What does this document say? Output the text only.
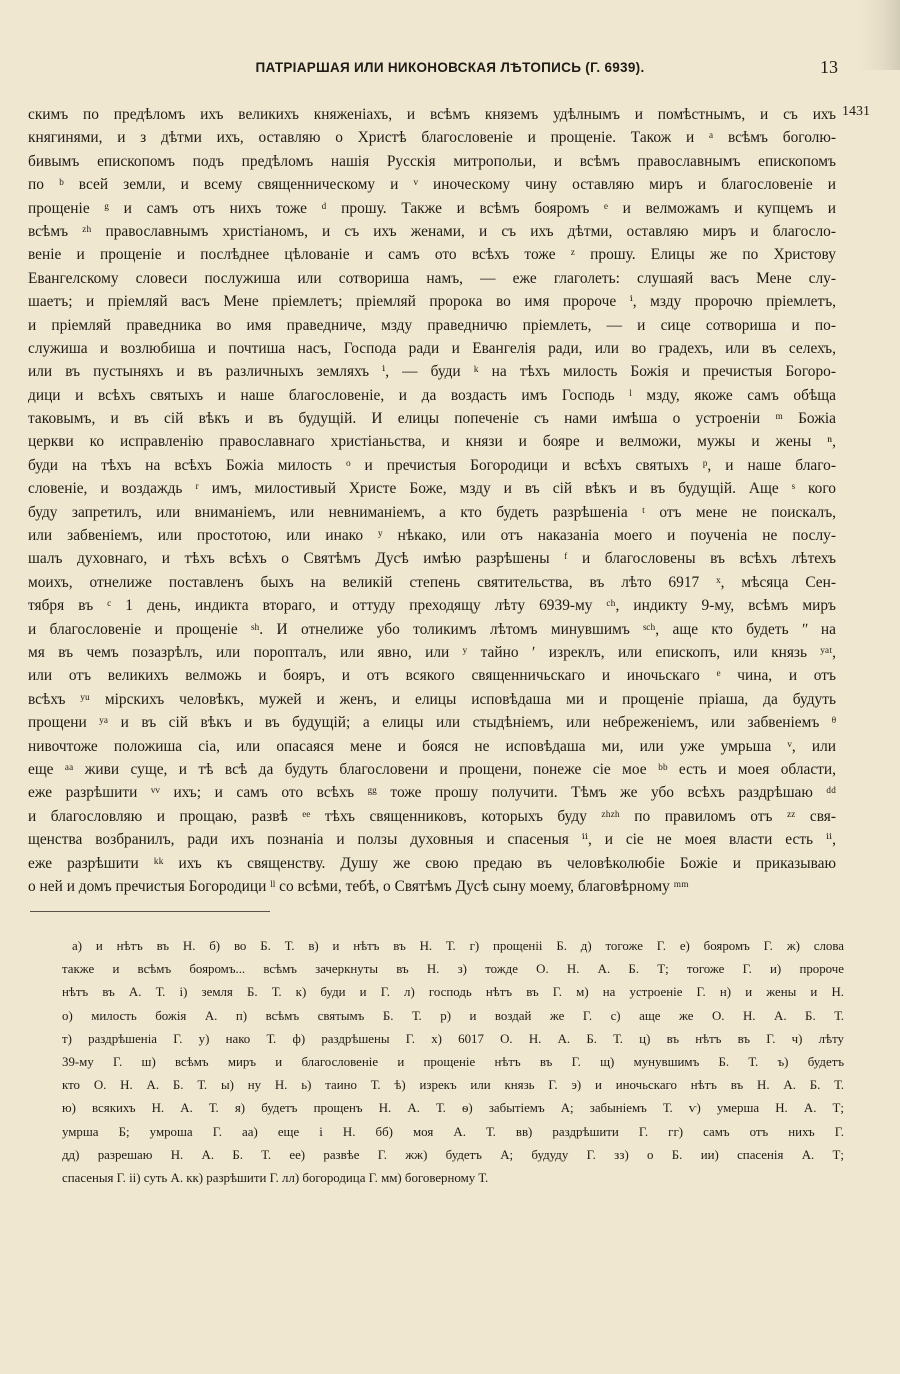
ПАТРІАРШАЯ ИЛИ НИКОНОВСКАЯ ЛѢТОПИСЬ (Г. 6939).	13
1431
скимъ по предѣломъ ихъ великихъ княженіахъ, и всѣмъ княземъ удѣлнымъ и помѣстнымъ, и съ ихъ
княгинями, и з дѣтми ихъ, оставляю о Христѣ благословеніе и прощеніе. Також и ᵃ всѣмъ боголю-
бивымъ епископомъ подъ предѣломъ нашія Русскія митропольи, и всѣмъ православнымъ епископомъ
по ᵇ всей земли, и всему священническому и ᵛ иноческому чину оставляю миръ и благословеніе и
прощеніе ᵍ и самъ отъ нихъ тоже ᵈ прошу. Также и всѣмъ бояромъ ᵉ и велможамъ и купцемъ и
всѣмъ ᶻʰ православнымъ христіаномъ, и съ ихъ женами, и съ ихъ дѣтми, оставляю миръ и благосло-
веніе и прощеніе и послѣднее цѣлованіе и самъ ото всѣхъ тоже ᶻ прошу. Елицы же по Христову
Евангелскому словеси послужиша или сотвориша намъ, — еже глаголеть: слушаяй васъ Мене слу-
шаетъ; и пріемляй васъ Мене пріемлетъ; пріемляй пророка во имя пророче ⁱ, мзду пророчю пріемлетъ,
и пріемляй праведника во имя праведниче, мзду праведничю пріемлеть, — и сице сотвориша и по-
служиша и возлюбиша и почтиша насъ, Господа ради и Евангелія ради, или во градехъ, или въ селехъ,
или въ пустыняхъ и въ различныхъ земляхъ ⁱ, — буди ᵏ на тѣхъ милость Божія и пречистыя Богоро-
дици и всѣхъ святыхъ и наше благословеніе, и да воздасть имъ Господь ˡ мзду, якоже самъ обѣща
таковымъ, и въ сій вѣкъ и въ будущій. И елицы попеченіе съ нами имѣша о устроеніи ᵐ Божіа
церкви ко исправленію православнаго христіаньства, и князи и бояре и велможи, мужы и жены ⁿ,
буди на тѣхъ на всѣхъ Божіа милость ᵒ и пречистыя Богородици и всѣхъ святыхъ ᵖ, и наше благо-
словеніе, и воздаждь ʳ имъ, милостивый Христе Боже, мзду и въ сій вѣкъ и въ будущій. Аще ˢ кого
буду запретилъ, или вниманіемъ, или невниманіемъ, а кто будеть разрѣшеніа ᵗ отъ мене не поискалъ,
или забвеніемъ, или простотою, или инако ʸ нѣкако, или отъ наказаніа моего и поученіа не послу-
шалъ духовнаго, и тѣхъ всѣхъ о Святѣмъ Дусѣ имѣю разрѣшены ᶠ и благословены въ всѣхъ лѣтехъ
моихъ, отнелиже поставленъ быхъ на великій степень святительства, въ лѣто 6917 ˣ, мѣсяца Сен-
тября въ ᶜ 1 день, индикта втораго, и оттуду преходящу лѣту 6939-му ᶜʰ, индикту 9-му, всѣмъ миръ
и благословеніе и прощеніе ˢʰ. И отнелиже убо толикимъ лѣтомъ минувшимъ ˢᶜʰ, аще кто будеть ʺ на
мя въ чемъ позазрѣлъ, или поропталъ, или явно, или ʸ тайно ʹ изреклъ, или епископъ, или князь ʸᵃᵗ,
или отъ великихъ велможь и бояръ, и отъ всякого священничьскаго и иночьскаго ᵉ чина, и отъ
всѣхъ ʸᵘ мірскихъ человѣкъ, мужей и женъ, и елицы исповѣдаша ми и прощеніе пріаша, да будуть
прощени ʸᵃ и въ сій вѣкъ и въ будущій; а елицы или стыдѣніемъ, или небреженіемъ, или забвеніемъ ᶿ
нивочтоже положиша сіа, или опасаяся мене и бояся не исповѣдаша ми, или уже умрьша ᵛ, или
еще ᵃᵃ живи суще, и тѣ всѣ да будуть благословени и прощени, понеже сіе мое ᵇᵇ есть и моея области,
еже разрѣшити ᵛᵛ ихъ; и самъ ото всѣхъ ᵍᵍ тоже прошу получити. Тѣмъ же убо всѣхъ раздрѣшаю ᵈᵈ
и благословляю и прощаю, развѣ ᵉᵉ тѣхъ священниковъ, которыхъ буду ᶻʰᶻʰ по правиломъ отъ ᶻᶻ свя-
щенства возбранилъ, ради ихъ познаніа и ползы духовныя и спасеныя ⁱⁱ, и сіе не моея власти есть ⁱⁱ,
еже разрѣшити ᵏᵏ ихъ къ священству. Душу же свою предаю въ человѣколюбіе Божіе и приказываю
о ней и домъ пречистыя Богородици ˡˡ со всѣми, тебѣ, о Святѣмъ Дусѣ сыну моему, благовѣрному ᵐᵐ
а) и нѣтъ въ Н. б) во Б. Т. в) и нѣтъ въ Н. Т. г) прощеніі Б. д) тогоже Г. е) бояромъ Г. ж) слова
также и всѣмъ бояромъ... всѣмъ зачеркнуты въ Н. з) тожде О. Н. А. Б. Т; тогоже Г. и) пророче
нѣтъ въ А. Т. і) земля Б. Т. к) буди и Г. л) господь нѣтъ въ Г. м) на устроеніе Г. н) и жены и Н.
о) милость божія А. п) всѣмъ святымъ Б. Т. р) и воздай же Г. с) аще же О. Н. А. Б. Т.
т) раздрѣшенiа Г. у) нако Т. ф) раздрѣшены Г. х) 6017 О. Н. А. Б. Т. ц) въ нѣтъ въ Г. ч) лѣту
39-му Г. ш) всѣмъ миръ и благословеніе и прощеніе нѣтъ въ Г. щ) мунувшимъ Б. Т. ъ) будетъ
кто О. Н. А. Б. Т. ы) ну Н. ь) таино Т. ѣ) изрекъ или князь Г. э) и иночьскаго нѣтъ въ Н. А. Б. Т.
ю) всякихъ Н. А. Т. я) будетъ прощенъ Н. А. Т. ѳ) забытіемъ А; забыніемъ Т. ѵ) умерша Н. А. Т;
умрша Б; умроша Г. аа) еще і Н. бб) моя А. Т. вв) раздрѣшити Г. гг) самъ отъ нихъ Г.
дд) разрешаю Н. А. Б. Т. ее) развѣе Г. жж) будетъ А; будуду Г. зз) о Б. ии) спасенія А. Т;
спасеныя Г. іі) суть А. кк) разрѣшити Г. лл) богородица Г. мм) боговерному Т.
